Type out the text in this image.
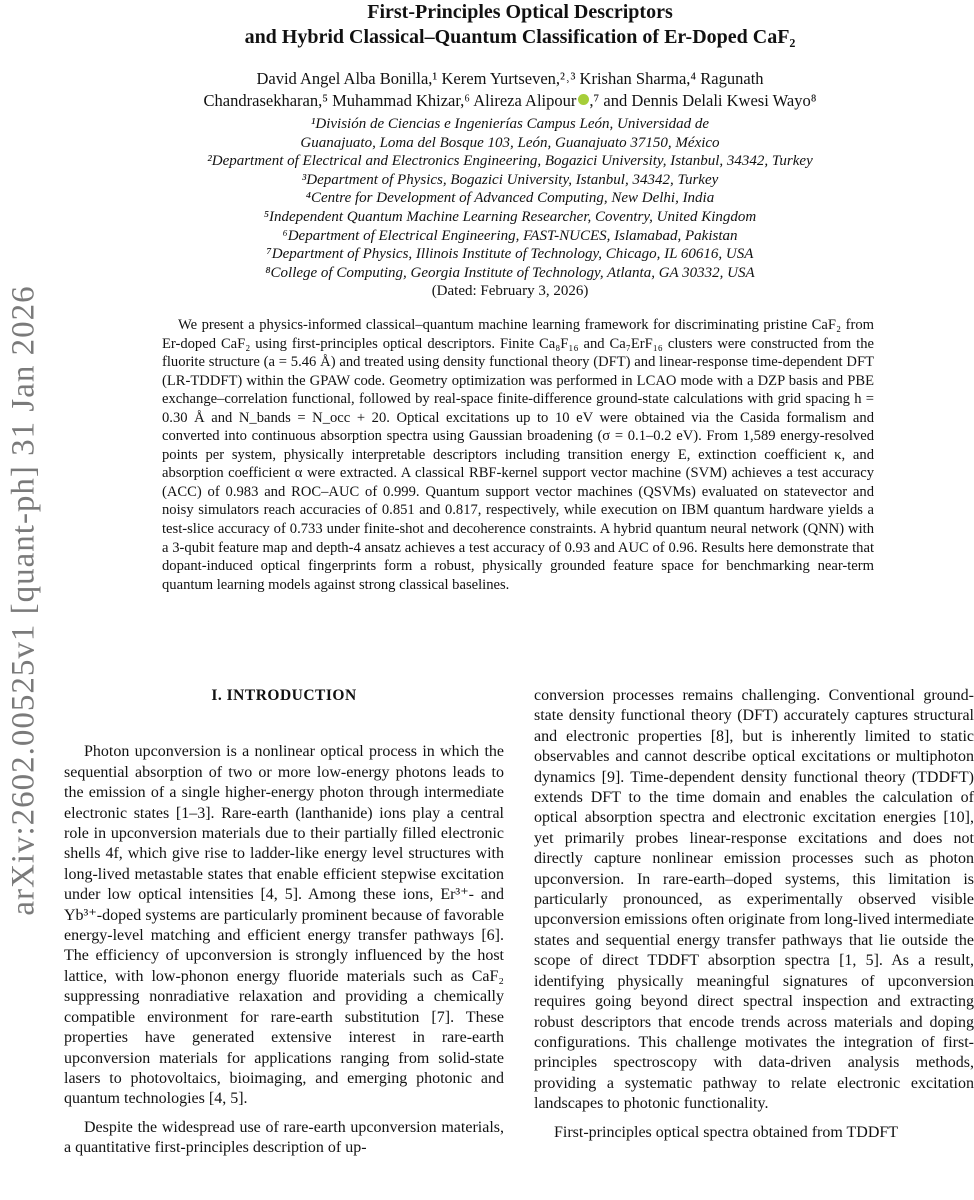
arXiv:2602.00525v1 [quant-ph] 31 Jan 2026
First-Principles Optical Descriptors
and Hybrid Classical–Quantum Classification of Er-Doped CaF₂
David Angel Alba Bonilla,¹ Kerem Yurtseven,²˒³ Krishan Sharma,⁴ Ragunath
Chandrasekharan,⁵ Muhammad Khizar,⁶ Alireza Alipour ,⁷ and Dennis Delali Kwesi Wayo⁸
¹División de Ciencias e Ingenierías Campus León, Universidad de
Guanajuato, Loma del Bosque 103, León, Guanajuato 37150, México
²Department of Electrical and Electronics Engineering, Bogazici University, Istanbul, 34342, Turkey
³Department of Physics, Bogazici University, Istanbul, 34342, Turkey
⁴Centre for Development of Advanced Computing, New Delhi, India
⁵Independent Quantum Machine Learning Researcher, Coventry, United Kingdom
⁶Department of Electrical Engineering, FAST-NUCES, Islamabad, Pakistan
⁷Department of Physics, Illinois Institute of Technology, Chicago, IL 60616, USA
⁸College of Computing, Georgia Institute of Technology, Atlanta, GA 30332, USA
(Dated: February 3, 2026)

We present a physics-informed classical–quantum machine learning framework for discriminating pristine CaF₂ from Er-doped CaF₂ using first-principles optical descriptors. Finite Ca₈F₁₆ and Ca₇ErF₁₆ clusters were constructed from the fluorite structure (a = 5.46 Å) and treated using density functional theory (DFT) and linear-response time-dependent DFT (LR-TDDFT) within the GPAW code. Geometry optimization was performed in LCAO mode with a DZP basis and PBE exchange–correlation functional, followed by real-space finite-difference ground-state calculations with grid spacing h = 0.30 Å and N_bands = N_occ + 20. Optical excitations up to 10 eV were obtained via the Casida formalism and converted into continuous absorption spectra using Gaussian broadening (σ = 0.1–0.2 eV). From 1,589 energy-resolved points per system, physically interpretable descriptors including transition energy E, extinction coefficient κ, and absorption coefficient α were extracted. A classical RBF-kernel support vector machine (SVM) achieves a test accuracy (ACC) of 0.983 and ROC–AUC of 0.999. Quantum support vector machines (QSVMs) evaluated on statevector and noisy simulators reach accuracies of 0.851 and 0.817, respectively, while execution on IBM quantum hardware yields a test-slice accuracy of 0.733 under finite-shot and decoherence constraints. A hybrid quantum neural network (QNN) with a 3-qubit feature map and depth-4 ansatz achieves a test accuracy of 0.93 and AUC of 0.96. Results here demonstrate that dopant-induced optical fingerprints form a robust, physically grounded feature space for benchmarking near-term quantum learning models against strong classical baselines.

I. INTRODUCTION

Photon upconversion is a nonlinear optical process in which the sequential absorption of two or more low-energy photons leads to the emission of a single higher-energy photon through intermediate electronic states [1–3]. Rare-earth (lanthanide) ions play a central role in upconversion materials due to their partially filled electronic shells 4f, which give rise to ladder-like energy level structures with long-lived metastable states that enable efficient stepwise excitation under low optical intensities [4, 5]. Among these ions, Er³⁺- and Yb³⁺-doped systems are particularly prominent because of favorable energy-level matching and efficient energy transfer pathways [6]. The efficiency of upconversion is strongly influenced by the host lattice, with low-phonon energy fluoride materials such as CaF₂ suppressing nonradiative relaxation and providing a chemically compatible environment for rare-earth substitution [7]. These properties have generated extensive interest in rare-earth upconversion materials for applications ranging from solid-state lasers to photovoltaics, bioimaging, and emerging photonic and quantum technologies [4, 5].

Despite the widespread use of rare-earth upconversion materials, a quantitative first-principles description of up-

conversion processes remains challenging. Conventional ground-state density functional theory (DFT) accurately captures structural and electronic properties [8], but is inherently limited to static observables and cannot describe optical excitations or multiphoton dynamics [9]. Time-dependent density functional theory (TDDFT) extends DFT to the time domain and enables the calculation of optical absorption spectra and electronic excitation energies [10], yet primarily probes linear-response excitations and does not directly capture nonlinear emission processes such as photon upconversion. In rare-earth–doped systems, this limitation is particularly pronounced, as experimentally observed visible upconversion emissions often originate from long-lived intermediate states and sequential energy transfer pathways that lie outside the scope of direct TDDFT absorption spectra [1, 5]. As a result, identifying physically meaningful signatures of upconversion requires going beyond direct spectral inspection and extracting robust descriptors that encode trends across materials and doping configurations. This challenge motivates the integration of first-principles spectroscopy with data-driven analysis methods, providing a systematic pathway to relate electronic excitation landscapes to photonic functionality.

First-principles optical spectra obtained from TDDFT
